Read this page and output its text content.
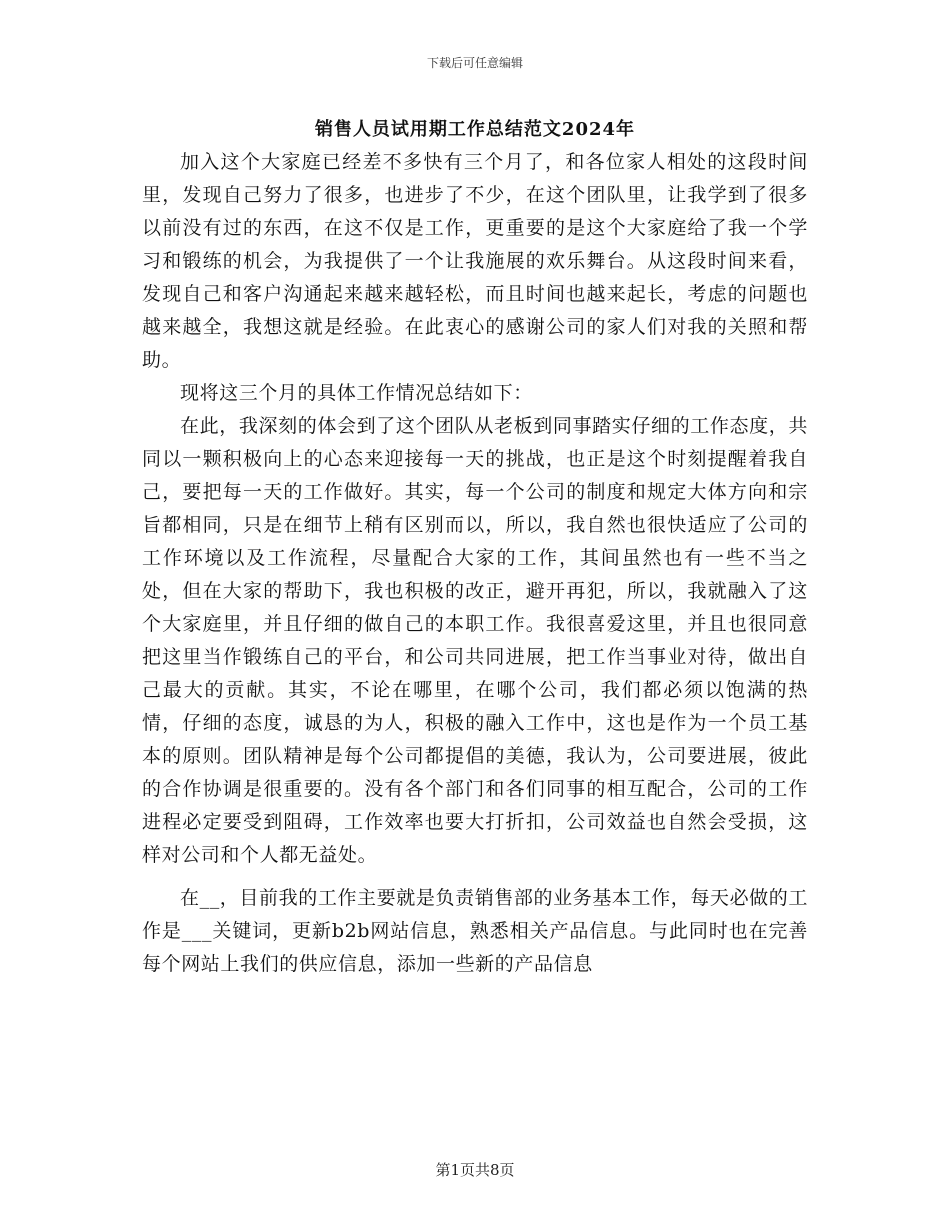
下载后可任意编辑
销售人员试用期工作总结范文2024年

加入这个大家庭已经差不多快有三个月了，和各位家人相处的这段时间里，发现自己努力了很多，也进步了不少，在这个团队里，让我学到了很多以前没有过的东西，在这不仅是工作，更重要的是这个大家庭给了我一个学习和锻练的机会，为我提供了一个让我施展的欢乐舞台。从这段时间来看，发现自己和客户沟通起来越来越轻松，而且时间也越来起长，考虑的问题也越来越全，我想这就是经验。在此衷心的感谢公司的家人们对我的关照和帮助。

现将这三个月的具体工作情况总结如下：

在此，我深刻的体会到了这个团队从老板到同事踏实仔细的工作态度，共同以一颗积极向上的心态来迎接每一天的挑战，也正是这个时刻提醒着我自己，要把每一天的工作做好。其实，每一个公司的制度和规定大体方向和宗旨都相同，只是在细节上稍有区别而以，所以，我自然也很快适应了公司的工作环境以及工作流程，尽量配合大家的工作，其间虽然也有一些不当之处，但在大家的帮助下，我也积极的改正，避开再犯，所以，我就融入了这个大家庭里，并且仔细的做自己的本职工作。我很喜爱这里，并且也很同意把这里当作锻练自己的平台，和公司共同进展，把工作当事业对待，做出自己最大的贡献。其实，不论在哪里，在哪个公司，我们都必须以饱满的热情，仔细的态度，诚恳的为人，积极的融入工作中，这也是作为一个员工基本的原则。团队精神是每个公司都提倡的美德，我认为，公司要进展，彼此的合作协调是很重要的。没有各个部门和各们同事的相互配合，公司的工作进程必定要受到阻碍，工作效率也要大打折扣，公司效益也自然会受损，这样对公司和个人都无益处。

在__，目前我的工作主要就是负责销售部的业务基本工作，每天必做的工作是___关键词，更新b2b网站信息，熟悉相关产品信息。与此同时也在完善每个网站上我们的供应信息，添加一些新的产品信息

第1页共8页
